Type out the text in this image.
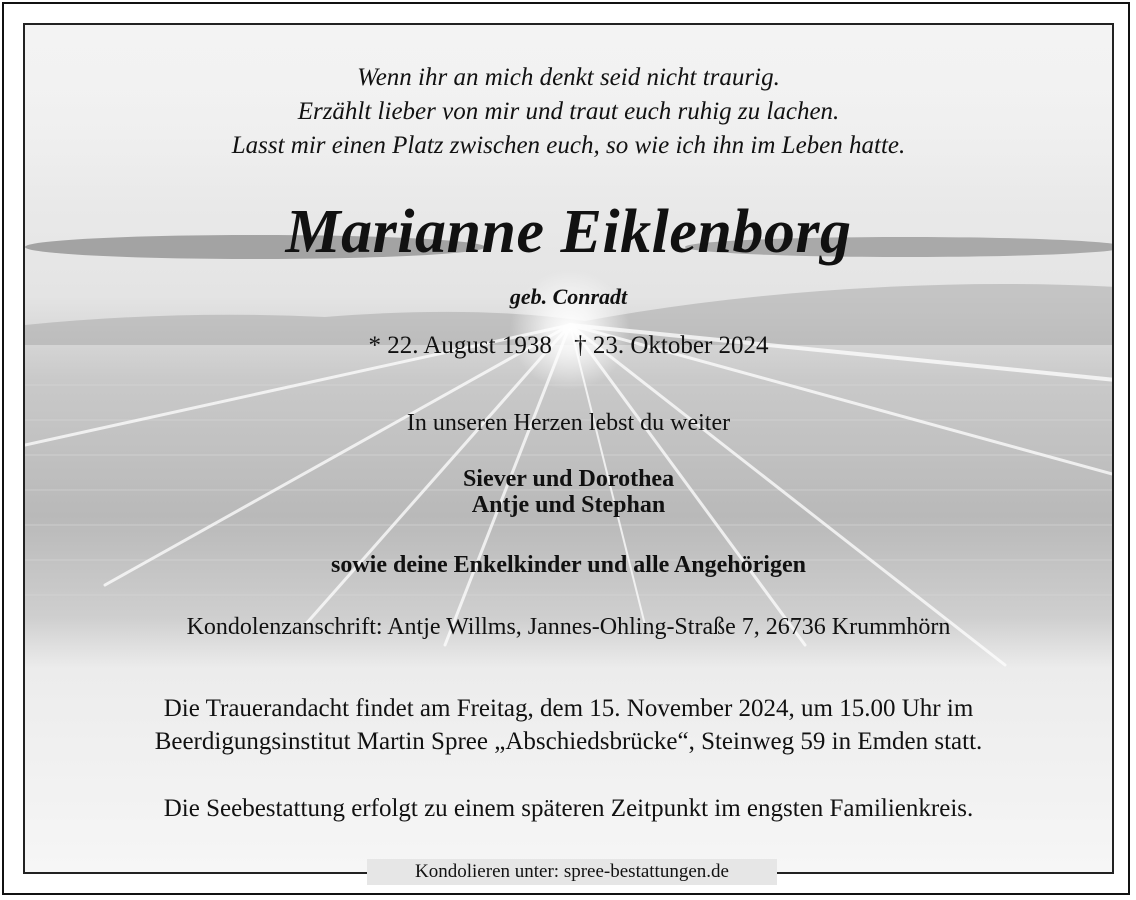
Wenn ihr an mich denkt seid nicht traurig.
Erzählt lieber von mir und traut euch ruhig zu lachen.
Lasst mir einen Platz zwischen euch, so wie ich ihn im Leben hatte.
Marianne Eiklenborg
geb. Conradt
* 22. August 1938 † 23. Oktober 2024
In unseren Herzen lebst du weiter
Siever und Dorothea
Antje und Stephan
sowie deine Enkelkinder und alle Angehörigen
Kondolenzanschrift: Antje Willms, Jannes-Ohling-Straße 7, 26736 Krummhörn
Die Trauerandacht findet am Freitag, dem 15. November 2024, um 15.00 Uhr im
Beerdigungsinstitut Martin Spree „Abschiedsbrücke“, Steinweg 59 in Emden statt.
Die Seebestattung erfolgt zu einem späteren Zeitpunkt im engsten Familienkreis.
Kondolieren unter: spree-bestattungen.de
